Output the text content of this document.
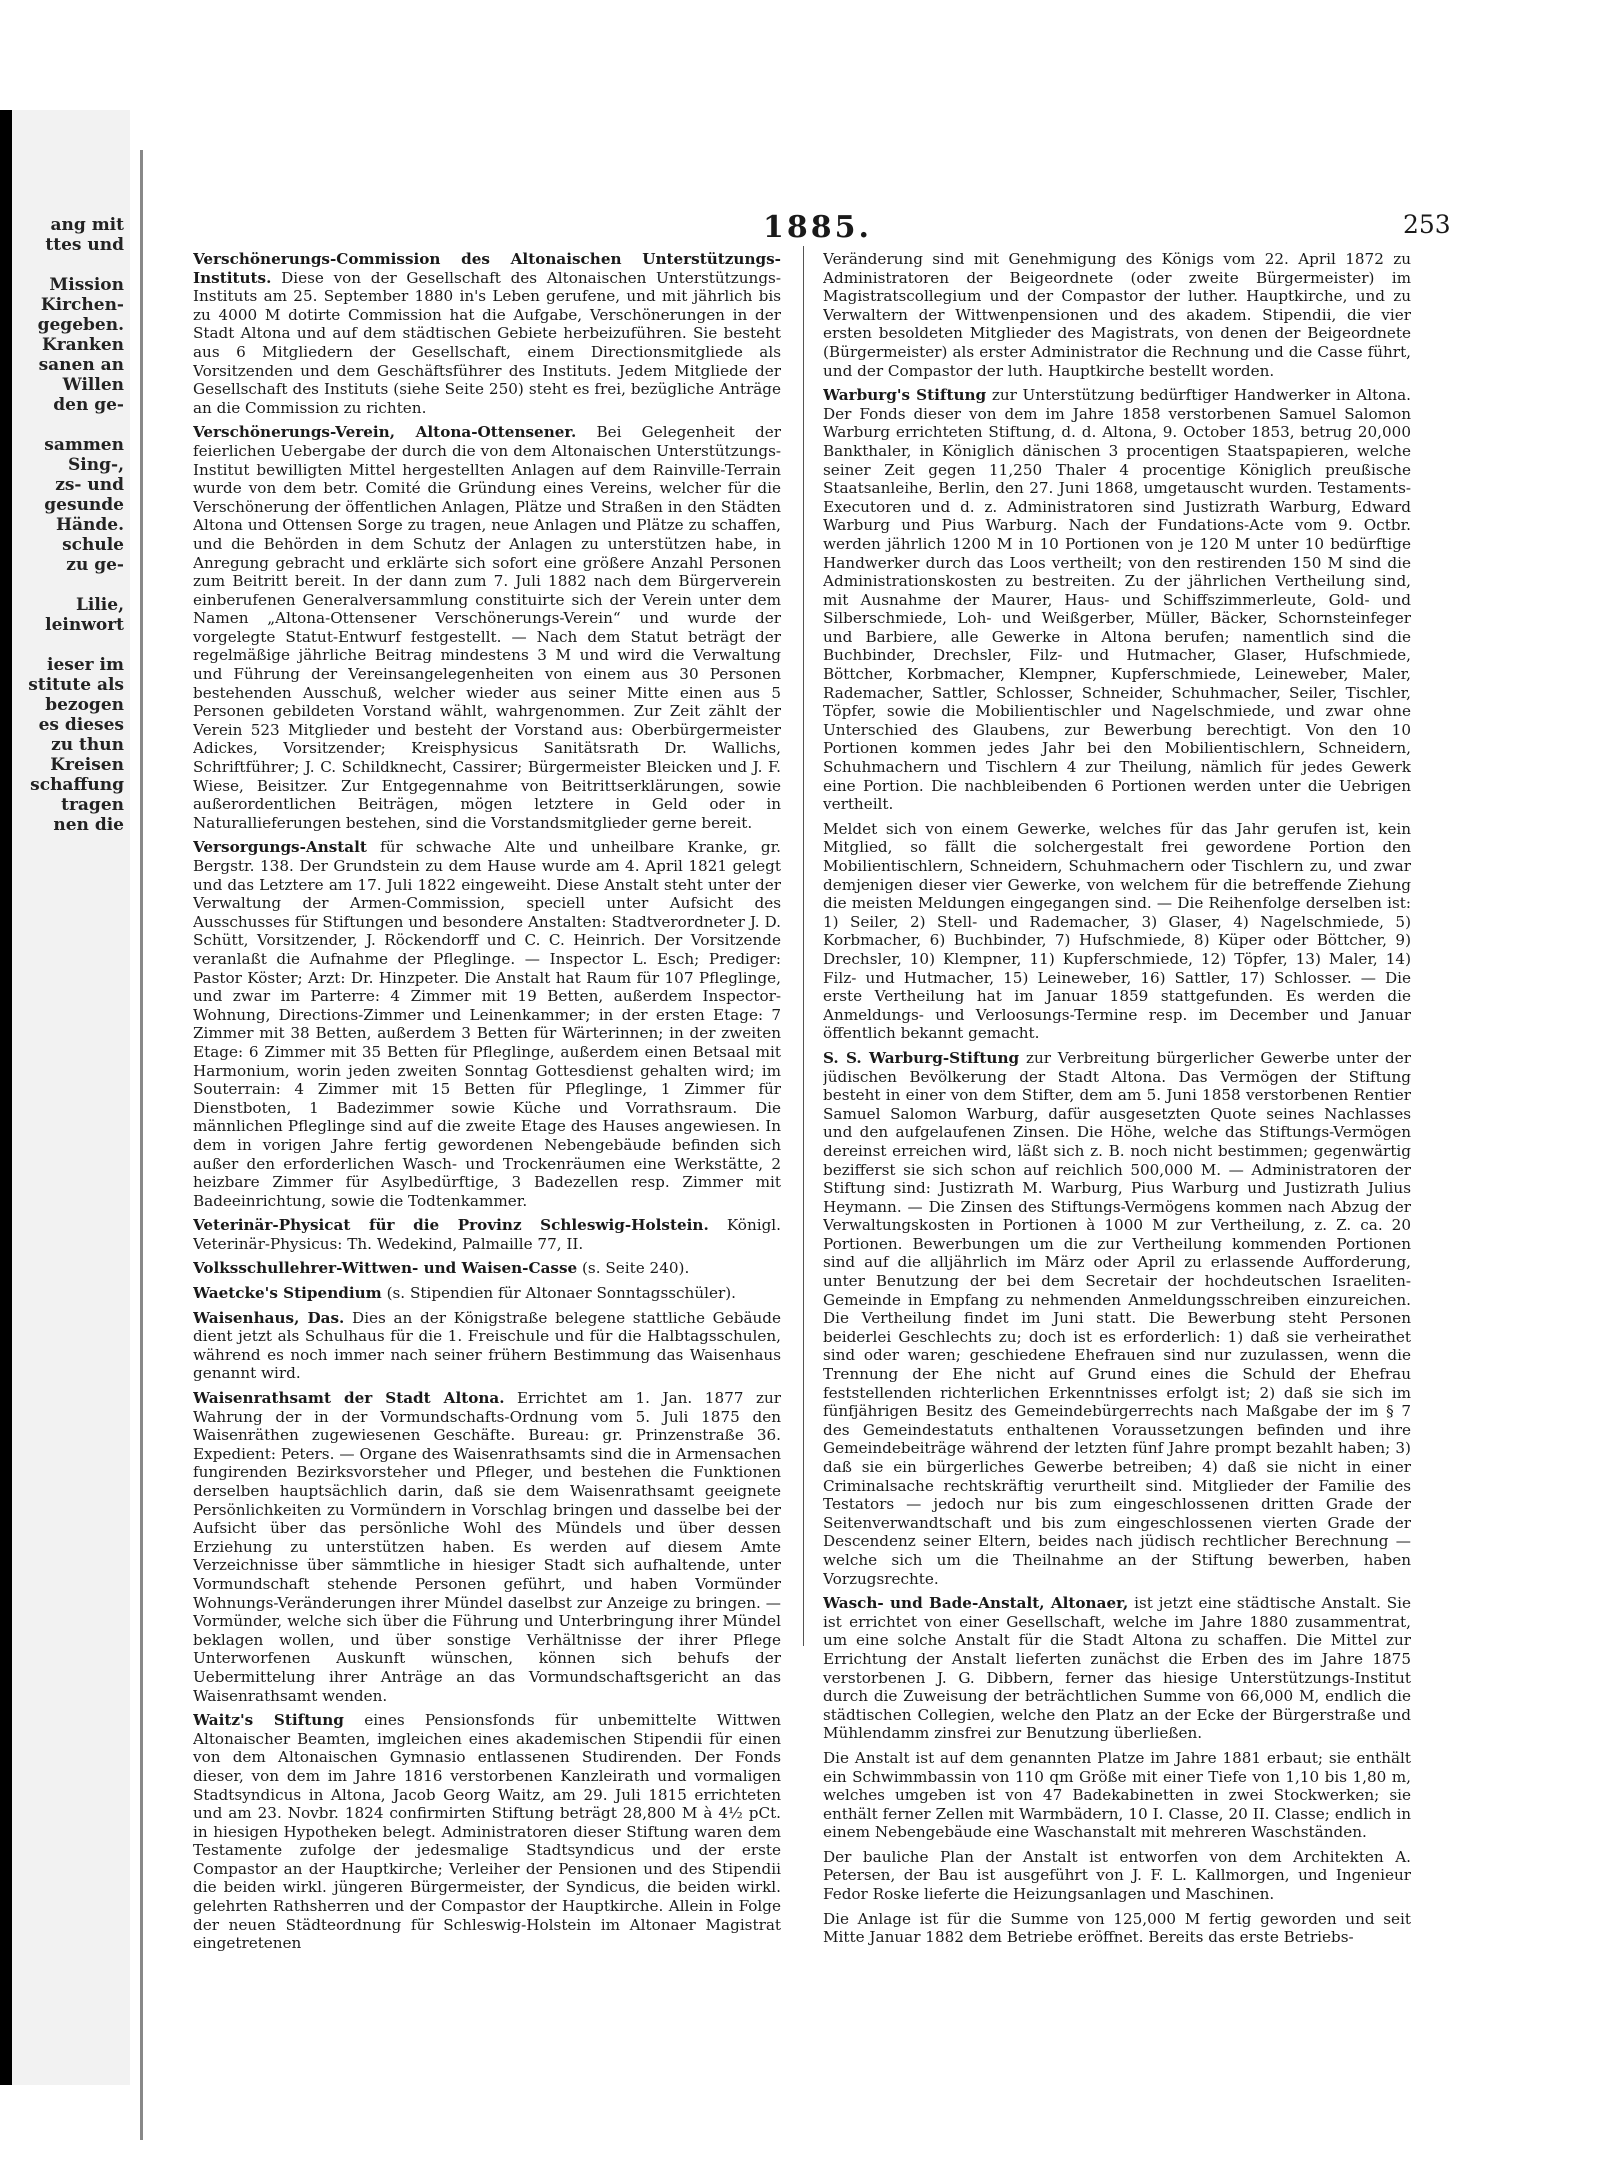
ang mit
ttes und

Mission
Kirchen-
gegeben.
Kranken
sanen an
Willen
den ge-

sammen
Sing-,
zs- und
gesunde
Hände.
schule
zu ge-

Lilie,
leinwort

ieser im
stitute als
bezogen
es dieses
zu thun
Kreisen
schaffung
tragen
nen die
1885.	253

Verschönerungs-Commission des Altonaischen Unterstützungs-Instituts. Diese von der Gesellschaft des Altonaischen Unterstützungs-Instituts am 25. September 1880 in's Leben gerufene, und mit jährlich bis zu 4000 M dotirte Commission hat die Aufgabe, Verschönerungen in der Stadt Altona und auf dem städtischen Gebiete herbeizuführen. Sie besteht aus 6 Mitgliedern der Gesellschaft, einem Directionsmitgliede als Vorsitzenden und dem Geschäftsführer des Instituts. Jedem Mitgliede der Gesellschaft des Instituts (siehe Seite 250) steht es frei, bezügliche Anträge an die Commission zu richten.

Verschönerungs-Verein, Altona-Ottensener. Bei Gelegenheit der feierlichen Uebergabe der durch die von dem Altonaischen Unterstützungs-Institut bewilligten Mittel hergestellten Anlagen auf dem Rainville-Terrain wurde von dem betr. Comité die Gründung eines Vereins, welcher für die Verschönerung der öffentlichen Anlagen, Plätze und Straßen in den Städten Altona und Ottensen Sorge zu tragen, neue Anlagen und Plätze zu schaffen, und die Behörden in dem Schutz der Anlagen zu unterstützen habe, in Anregung gebracht und erklärte sich sofort eine größere Anzahl Personen zum Beitritt bereit. In der dann zum 7. Juli 1882 nach dem Bürgerverein einberufenen Generalversammlung constituirte sich der Verein unter dem Namen „Altona-Ottensener Verschönerungs-Verein“ und wurde der vorgelegte Statut-Entwurf festgestellt. — Nach dem Statut beträgt der regelmäßige jährliche Beitrag mindestens 3 M und wird die Verwaltung und Führung der Vereinsangelegenheiten von einem aus 30 Personen bestehenden Ausschuß, welcher wieder aus seiner Mitte einen aus 5 Personen gebildeten Vorstand wählt, wahrgenommen. Zur Zeit zählt der Verein 523 Mitglieder und besteht der Vorstand aus: Oberbürgermeister Adickes, Vorsitzender; Kreisphysicus Sanitätsrath Dr. Wallichs, Schriftführer; J. C. Schildknecht, Cassirer; Bürgermeister Bleicken und J. F. Wiese, Beisitzer. Zur Entgegennahme von Beitrittserklärungen, sowie außerordentlichen Beiträgen, mögen letztere in Geld oder in Naturallieferungen bestehen, sind die Vorstandsmitglieder gerne bereit.

Versorgungs-Anstalt für schwache Alte und unheilbare Kranke, gr. Bergstr. 138. Der Grundstein zu dem Hause wurde am 4. April 1821 gelegt und das Letztere am 17. Juli 1822 eingeweiht. Diese Anstalt steht unter der Verwaltung der Armen-Commission, speciell unter Aufsicht des Ausschusses für Stiftungen und besondere Anstalten: Stadtverordneter J. D. Schütt, Vorsitzender, J. Röckendorff und C. C. Heinrich. Der Vorsitzende veranlaßt die Aufnahme der Pfleglinge. — Inspector L. Esch; Prediger: Pastor Köster; Arzt: Dr. Hinzpeter. Die Anstalt hat Raum für 107 Pfleglinge, und zwar im Parterre: 4 Zimmer mit 19 Betten, außerdem Inspector-Wohnung, Directions-Zimmer und Leinenkammer; in der ersten Etage: 7 Zimmer mit 38 Betten, außerdem 3 Betten für Wärterinnen; in der zweiten Etage: 6 Zimmer mit 35 Betten für Pfleglinge, außerdem einen Betsaal mit Harmonium, worin jeden zweiten Sonntag Gottesdienst gehalten wird; im Souterrain: 4 Zimmer mit 15 Betten für Pfleglinge, 1 Zimmer für Dienstboten, 1 Badezimmer sowie Küche und Vorrathsraum. Die männlichen Pfleglinge sind auf die zweite Etage des Hauses angewiesen. In dem in vorigen Jahre fertig gewordenen Nebengebäude befinden sich außer den erforderlichen Wasch- und Trockenräumen eine Werkstätte, 2 heizbare Zimmer für Asylbedürftige, 3 Badezellen resp. Zimmer mit Badeeinrichtung, sowie die Todtenkammer.

Veterinär-Physicat für die Provinz Schleswig-Holstein. Königl. Veterinär-Physicus: Th. Wedekind, Palmaille 77, II.

Volksschullehrer-Wittwen- und Waisen-Casse (s. Seite 240).

Waetcke's Stipendium (s. Stipendien für Altonaer Sonntagsschüler).

Waisenhaus, Das. Dies an der Königstraße belegene stattliche Gebäude dient jetzt als Schulhaus für die 1. Freischule und für die Halbtagsschulen, während es noch immer nach seiner frühern Bestimmung das Waisenhaus genannt wird.

Waisenrathsamt der Stadt Altona. Errichtet am 1. Jan. 1877 zur Wahrung der in der Vormundschafts-Ordnung vom 5. Juli 1875 den Waisenräthen zugewiesenen Geschäfte. Bureau: gr. Prinzenstraße 36. Expedient: Peters. — Organe des Waisenrathsamts sind die in Armensachen fungirenden Bezirksvorsteher und Pfleger, und bestehen die Funktionen derselben hauptsächlich darin, daß sie dem Waisenrathsamt geeignete Persönlichkeiten zu Vormündern in Vorschlag bringen und dasselbe bei der Aufsicht über das persönliche Wohl des Mündels und über dessen Erziehung zu unterstützen haben. Es werden auf diesem Amte Verzeichnisse über sämmtliche in hiesiger Stadt sich aufhaltende, unter Vormundschaft stehende Personen geführt, und haben Vormünder Wohnungs-Veränderungen ihrer Mündel daselbst zur Anzeige zu bringen. — Vormünder, welche sich über die Führung und Unterbringung ihrer Mündel beklagen wollen, und über sonstige Verhältnisse der ihrer Pflege Unterworfenen Auskunft wünschen, können sich behufs der Uebermittelung ihrer Anträge an das Vormundschaftsgericht an das Waisenrathsamt wenden.

Waitz's Stiftung eines Pensionsfonds für unbemittelte Wittwen Altonaischer Beamten, imgleichen eines akademischen Stipendii für einen von dem Altonaischen Gymnasio entlassenen Studirenden. Der Fonds dieser, von dem im Jahre 1816 verstorbenen Kanzleirath und vormaligen Stadtsyndicus in Altona, Jacob Georg Waitz, am 29. Juli 1815 errichteten und am 23. Novbr. 1824 confirmirten Stiftung beträgt 28,800 M à 4½ pCt. in hiesigen Hypotheken belegt. Administratoren dieser Stiftung waren dem Testamente zufolge der jedesmalige Stadtsyndicus und der erste Compastor an der Hauptkirche; Verleiher der Pensionen und des Stipendii die beiden wirkl. jüngeren Bürgermeister, der Syndicus, die beiden wirkl. gelehrten Rathsherren und der Compastor der Hauptkirche. Allein in Folge der neuen Städteordnung für Schleswig-Holstein im Altonaer Magistrat eingetretenen

Veränderung sind mit Genehmigung des Königs vom 22. April 1872 zu Administratoren der Beigeordnete (oder zweite Bürgermeister) im Magistratscollegium und der Compastor der luther. Hauptkirche, und zu Verwaltern der Wittwenpensionen und des akadem. Stipendii, die vier ersten besoldeten Mitglieder des Magistrats, von denen der Beigeordnete (Bürgermeister) als erster Administrator die Rechnung und die Casse führt, und der Compastor der luth. Hauptkirche bestellt worden.

Warburg's Stiftung zur Unterstützung bedürftiger Handwerker in Altona. Der Fonds dieser von dem im Jahre 1858 verstorbenen Samuel Salomon Warburg errichteten Stiftung, d. d. Altona, 9. October 1853, betrug 20,000 Bankthaler, in Königlich dänischen 3 procentigen Staatspapieren, welche seiner Zeit gegen 11,250 Thaler 4 procentige Königlich preußische Staatsanleihe, Berlin, den 27. Juni 1868, umgetauscht wurden. Testaments-Executoren und d. z. Administratoren sind Justizrath Warburg, Edward Warburg und Pius Warburg. Nach der Fundations-Acte vom 9. Octbr. werden jährlich 1200 M in 10 Portionen von je 120 M unter 10 bedürftige Handwerker durch das Loos vertheilt; von den restirenden 150 M sind die Administrationskosten zu bestreiten. Zu der jährlichen Vertheilung sind, mit Ausnahme der Maurer, Haus- und Schiffszimmerleute, Gold- und Silberschmiede, Loh- und Weißgerber, Müller, Bäcker, Schornsteinfeger und Barbiere, alle Gewerke in Altona berufen; namentlich sind die Buchbinder, Drechsler, Filz- und Hutmacher, Glaser, Hufschmiede, Böttcher, Korbmacher, Klempner, Kupferschmiede, Leineweber, Maler, Rademacher, Sattler, Schlosser, Schneider, Schuhmacher, Seiler, Tischler, Töpfer, sowie die Mobilientischler und Nagelschmiede, und zwar ohne Unterschied des Glaubens, zur Bewerbung berechtigt. Von den 10 Portionen kommen jedes Jahr bei den Mobilientischlern, Schneidern, Schuhmachern und Tischlern 4 zur Theilung, nämlich für jedes Gewerk eine Portion. Die nachbleibenden 6 Portionen werden unter die Uebrigen vertheilt.

Meldet sich von einem Gewerke, welches für das Jahr gerufen ist, kein Mitglied, so fällt die solchergestalt frei gewordene Portion den Mobilientischlern, Schneidern, Schuhmachern oder Tischlern zu, und zwar demjenigen dieser vier Gewerke, von welchem für die betreffende Ziehung die meisten Meldungen eingegangen sind. — Die Reihenfolge derselben ist: 1) Seiler, 2) Stell- und Rademacher, 3) Glaser, 4) Nagelschmiede, 5) Korbmacher, 6) Buchbinder, 7) Hufschmiede, 8) Küper oder Böttcher, 9) Drechsler, 10) Klempner, 11) Kupferschmiede, 12) Töpfer, 13) Maler, 14) Filz- und Hutmacher, 15) Leineweber, 16) Sattler, 17) Schlosser. — Die erste Vertheilung hat im Januar 1859 stattgefunden. Es werden die Anmeldungs- und Verloosungs-Termine resp. im December und Januar öffentlich bekannt gemacht.

S. S. Warburg-Stiftung zur Verbreitung bürgerlicher Gewerbe unter der jüdischen Bevölkerung der Stadt Altona. Das Vermögen der Stiftung besteht in einer von dem Stifter, dem am 5. Juni 1858 verstorbenen Rentier Samuel Salomon Warburg, dafür ausgesetzten Quote seines Nachlasses und den aufgelaufenen Zinsen. Die Höhe, welche das Stiftungs-Vermögen dereinst erreichen wird, läßt sich z. B. noch nicht bestimmen; gegenwärtig bezifferst sie sich schon auf reichlich 500,000 M. — Administratoren der Stiftung sind: Justizrath M. Warburg, Pius Warburg und Justizrath Julius Heymann. — Die Zinsen des Stiftungs-Vermögens kommen nach Abzug der Verwaltungskosten in Portionen à 1000 M zur Vertheilung, z. Z. ca. 20 Portionen. Bewerbungen um die zur Vertheilung kommenden Portionen sind auf die alljährlich im März oder April zu erlassende Aufforderung, unter Benutzung der bei dem Secretair der hochdeutschen Israeliten-Gemeinde in Empfang zu nehmenden Anmeldungsschreiben einzureichen. Die Vertheilung findet im Juni statt. Die Bewerbung steht Personen beiderlei Geschlechts zu; doch ist es erforderlich: 1) daß sie verheirathet sind oder waren; geschiedene Ehefrauen sind nur zuzulassen, wenn die Trennung der Ehe nicht auf Grund eines die Schuld der Ehefrau feststellenden richterlichen Erkenntnisses erfolgt ist; 2) daß sie sich im fünfjährigen Besitz des Gemeindebürgerrechts nach Maßgabe der im § 7 des Gemeindestatuts enthaltenen Voraussetzungen befinden und ihre Gemeindebeiträge während der letzten fünf Jahre prompt bezahlt haben; 3) daß sie ein bürgerliches Gewerbe betreiben; 4) daß sie nicht in einer Criminalsache rechtskräftig verurtheilt sind. Mitglieder der Familie des Testators — jedoch nur bis zum eingeschlossenen dritten Grade der Seitenverwandtschaft und bis zum eingeschlossenen vierten Grade der Descendenz seiner Eltern, beides nach jüdisch rechtlicher Berechnung — welche sich um die Theilnahme an der Stiftung bewerben, haben Vorzugsrechte.

Wasch- und Bade-Anstalt, Altonaer, ist jetzt eine städtische Anstalt. Sie ist errichtet von einer Gesellschaft, welche im Jahre 1880 zusammentrat, um eine solche Anstalt für die Stadt Altona zu schaffen. Die Mittel zur Errichtung der Anstalt lieferten zunächst die Erben des im Jahre 1875 verstorbenen J. G. Dibbern, ferner das hiesige Unterstützungs-Institut durch die Zuweisung der beträchtlichen Summe von 66,000 M, endlich die städtischen Collegien, welche den Platz an der Ecke der Bürgerstraße und Mühlendamm zinsfrei zur Benutzung überließen.

Die Anstalt ist auf dem genannten Platze im Jahre 1881 erbaut; sie enthält ein Schwimmbassin von 110 qm Größe mit einer Tiefe von 1,10 bis 1,80 m, welches umgeben ist von 47 Badekabinetten in zwei Stockwerken; sie enthält ferner Zellen mit Warmbädern, 10 I. Classe, 20 II. Classe; endlich in einem Nebengebäude eine Waschanstalt mit mehreren Waschständen.

Der bauliche Plan der Anstalt ist entworfen von dem Architekten A. Petersen, der Bau ist ausgeführt von J. F. L. Kallmorgen, und Ingenieur Fedor Roske lieferte die Heizungsanlagen und Maschinen.

Die Anlage ist für die Summe von 125,000 M fertig geworden und seit Mitte Januar 1882 dem Betriebe eröffnet. Bereits das erste Betriebs-
